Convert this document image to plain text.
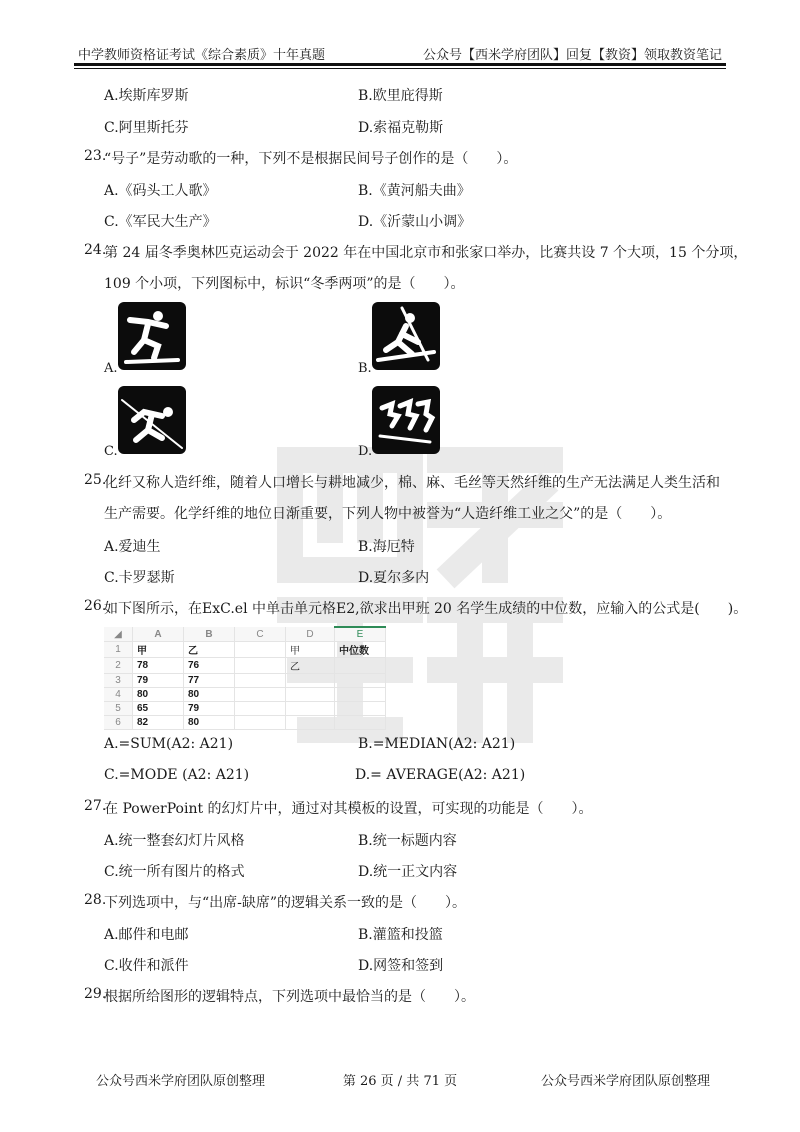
中学教师资格证考试《综合素质》十年真题	公众号【西米学府团队】回复【教资】领取教资笔记
A.埃斯库罗斯	B.欧里庇得斯
C.阿里斯托芬	D.索福克勒斯
23.
“号子”是劳动歌的一种，下列不是根据民间号子创作的是（　　）。
A.《码头工人歌》	B.《黄河船夫曲》
C.《军民大生产》	D.《沂蒙山小调》
24.
第 24 届冬季奥林匹克运动会于 2022 年在中国北京市和张家口举办，比赛共设 7 个大项，15 个分项，
109 个小项，下列图标中，标识“冬季两项”的是（　　）。
A.	B.
C.	D.
25.
化纤又称人造纤维，随着人口增长与耕地减少，棉、麻、毛丝等天然纤维的生产无法满足人类生活和
生产需要。化学纤维的地位日渐重要，下列人物中被誉为“人造纤维工业之父”的是（　　）。
A.爱迪生	B.海厄特
C.卡罗瑟斯	D.夏尔多内
26.
如下图所示，在ExC.el 中单击单元格E2,欲求出甲班 20 名学生成绩的中位数，应输入的公式是(　　)。
◢	A	B	C	D	E
1	甲	乙		甲	中位数
2	78	76		乙	
3	79	77			
4	80	80			
5	65	79			
6	82	80			
A.=SUM(A2: A21)	B.=MEDIAN(A2: A21)
C.=MODE (A2: A21)	D.= AVERAGE(A2: A21)
27.
在 PowerPoint 的幻灯片中，通过对其模板的设置，可实现的功能是（　　）。
A.统一整套幻灯片风格	B.统一标题内容
C.统一所有图片的格式	D.统一正文内容
28.
下列选项中，与“出席-缺席”的逻辑关系一致的是（　　）。
A.邮件和电邮	B.灌篮和投篮
C.收件和派件	D.网签和签到
29.
根据所给图形的逻辑特点，下列选项中最恰当的是（　　）。
公众号西米学府团队原创整理	第 26 页 / 共 71 页	公众号西米学府团队原创整理
